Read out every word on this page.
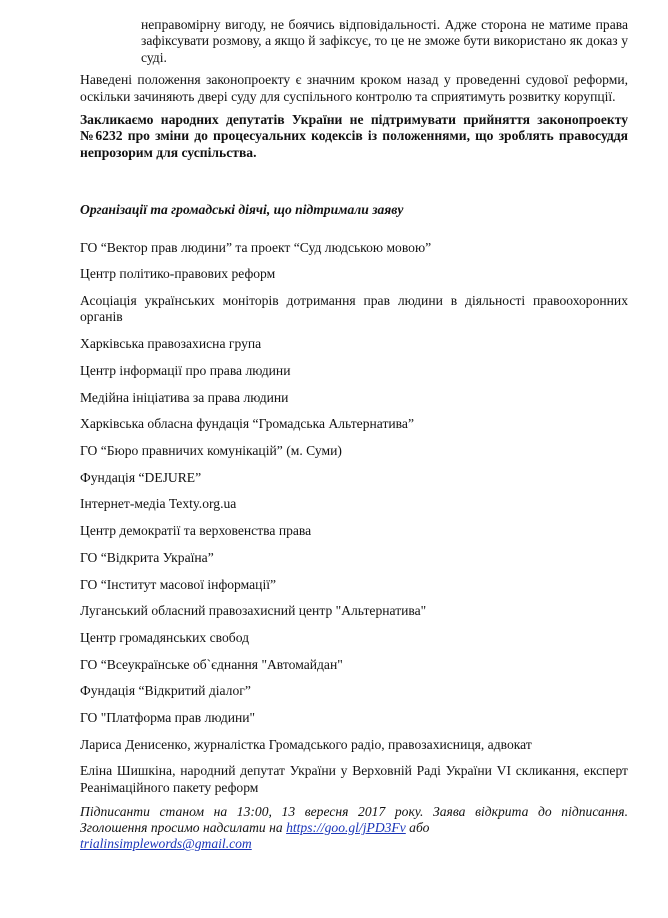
неправомірну вигоду, не боячись відповідальності. Адже сторона не матиме права зафіксувати розмову, а якщо й зафіксує, то це не зможе бути використано як доказ у суді.

Наведені положення законопроекту є значним кроком назад у проведенні судової реформи, оскільки зачиняють двері суду для суспільного контролю та сприятимуть розвитку корупції.

Закликаємо народних депутатів України не підтримувати прийняття законопроекту №6232 про зміни до процесуальних кодексів із положеннями, що зроблять правосуддя непрозорим для суспільства.

Організації та громадські діячі, що підтримали заяву

ГО “Вектор прав людини” та проект “Суд людською мовою”

Центр політико-правових реформ

Асоціація українських моніторів дотримання прав людини в діяльності правоохоронних органів

Харківська правозахисна група

Центр інформації про права людини

Медійна ініціатива за права людини

Харківська обласна фундація “Громадська Альтернатива”

ГО “Бюро правничих комунікацій” (м. Суми)

Фундація “DEJURE”

Інтернет-медіа Texty.org.ua

Центр демократії та верховенства права

ГО “Відкрита Україна”

ГО “Інститут масової інформації”

Луганський обласний правозахисний центр "Альтернатива"

Центр громадянських свобод

ГО “Всеукраїнське об`єднання "Автомайдан"

Фундація “Відкритий діалог”

ГО "Платформа прав людини"

Лариса Денисенко, журналістка Громадського радіо, правозахисниця, адвокат

Еліна Шишкіна, народний депутат України у Верховній Раді України VI скликання, експерт Реанімаційного пакету реформ

Підписанти станом на 13:00, 13 вересня 2017 року. Заява відкрита до підписання. Зголошення просимо надсилати на https://goo.gl/jPD3Fv або
trialinsimplewords@gmail.com
